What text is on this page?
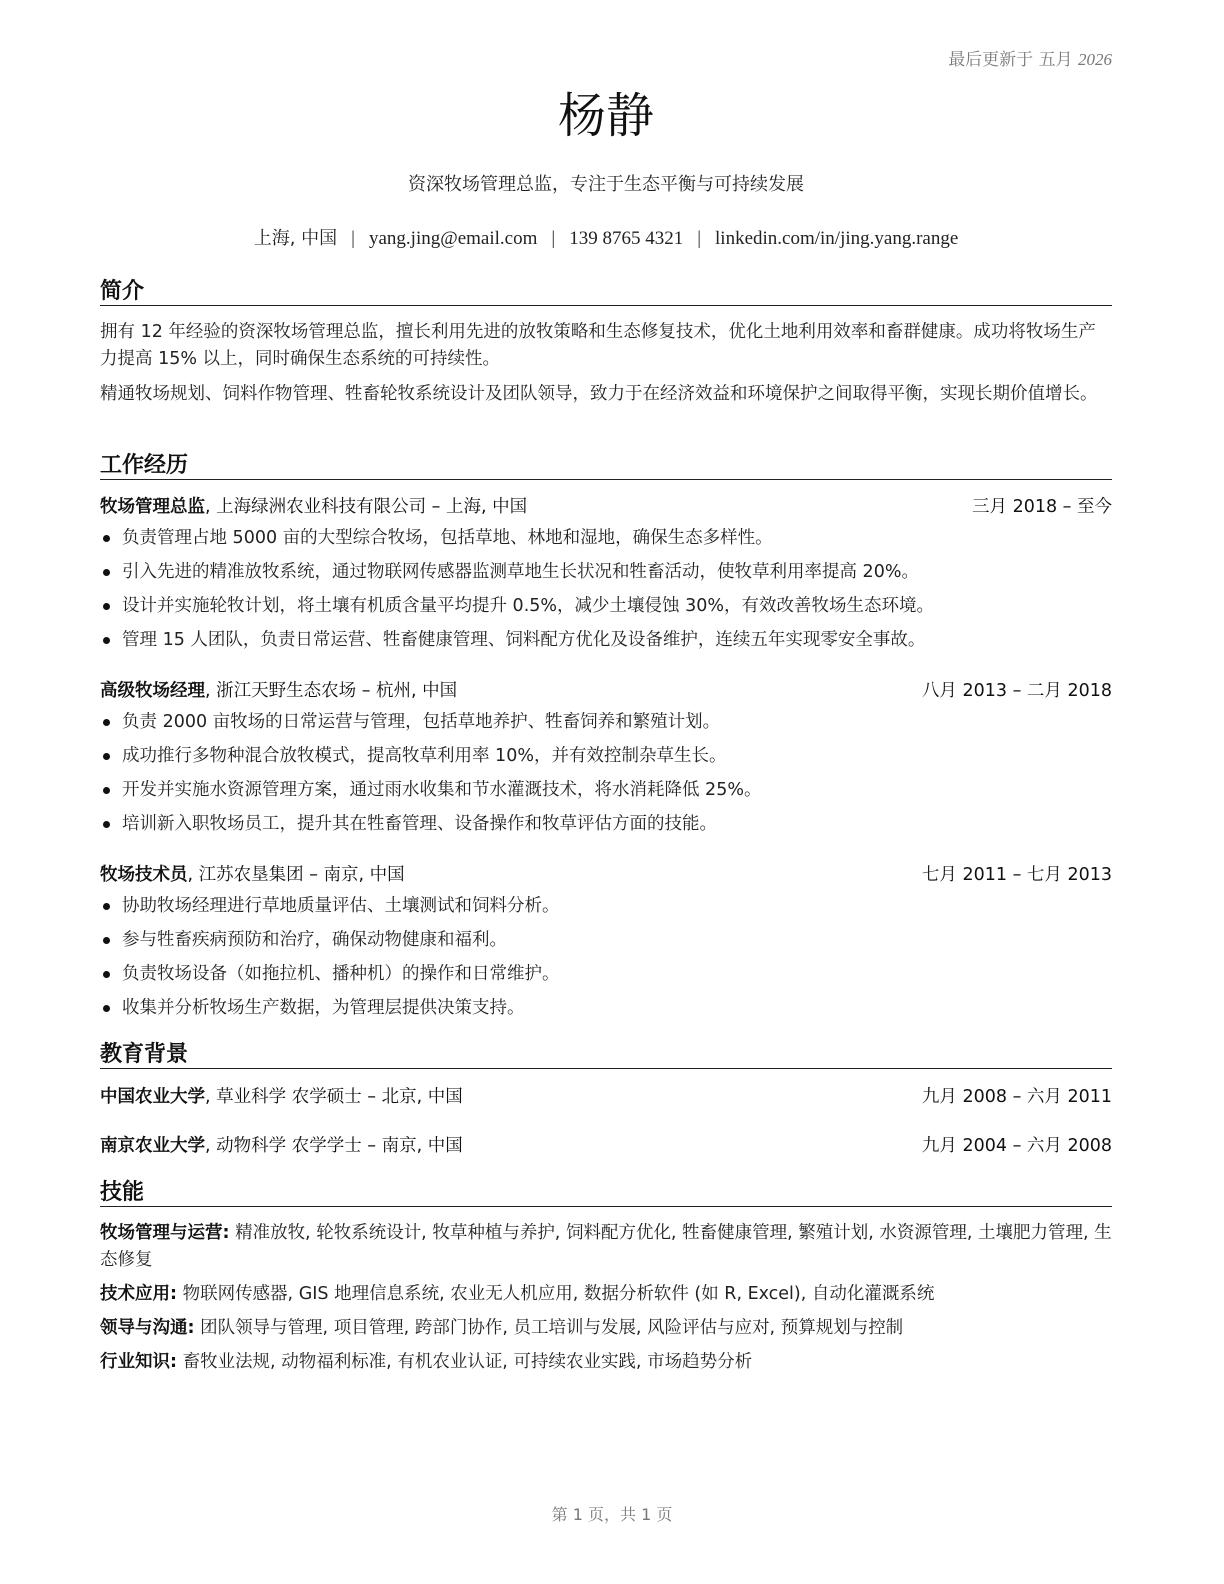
最后更新于 五月 2026
杨静
资深牧场管理总监，专注于生态平衡与可持续发展
上海, 中国 | yang.jing@email.com | 139 8765 4321 | linkedin.com/in/jing.yang.range
简介

拥有 12 年经验的资深牧场管理总监，擅长利用先进的放牧策略和生态修复技术，优化土地利用效率和畜群健康。成功将牧场生产力提高 15% 以上，同时确保生态系统的可持续性。

精通牧场规划、饲料作物管理、牲畜轮牧系统设计及团队领导，致力于在经济效益和环境保护之间取得平衡，实现长期价值增长。

工作经历
牧场管理总监, 上海绿洲农业科技有限公司 – 上海, 中国	三月 2018 – 至今
负责管理占地 5000 亩的大型综合牧场，包括草地、林地和湿地，确保生态多样性。
引入先进的精准放牧系统，通过物联网传感器监测草地生长状况和牲畜活动，使牧草利用率提高 20%。
设计并实施轮牧计划，将土壤有机质含量平均提升 0.5%，减少土壤侵蚀 30%，有效改善牧场生态环境。
管理 15 人团队，负责日常运营、牲畜健康管理、饲料配方优化及设备维护，连续五年实现零安全事故。
高级牧场经理, 浙江天野生态农场 – 杭州, 中国	八月 2013 – 二月 2018
负责 2000 亩牧场的日常运营与管理，包括草地养护、牲畜饲养和繁殖计划。
成功推行多物种混合放牧模式，提高牧草利用率 10%，并有效控制杂草生长。
开发并实施水资源管理方案，通过雨水收集和节水灌溉技术，将水消耗降低 25%。
培训新入职牧场员工，提升其在牲畜管理、设备操作和牧草评估方面的技能。
牧场技术员, 江苏农垦集团 – 南京, 中国	七月 2011 – 七月 2013
协助牧场经理进行草地质量评估、土壤测试和饲料分析。
参与牲畜疾病预防和治疗，确保动物健康和福利。
负责牧场设备（如拖拉机、播种机）的操作和日常维护。
收集并分析牧场生产数据，为管理层提供决策支持。
教育背景
中国农业大学, 草业科学 农学硕士 – 北京, 中国	九月 2008 – 六月 2011
南京农业大学, 动物科学 农学学士 – 南京, 中国	九月 2004 – 六月 2008
技能

牧场管理与运营: 精准放牧, 轮牧系统设计, 牧草种植与养护, 饲料配方优化, 牲畜健康管理, 繁殖计划, 水资源管理, 土壤肥力管理, 生态修复

技术应用: 物联网传感器, GIS 地理信息系统, 农业无人机应用, 数据分析软件 (如 R, Excel), 自动化灌溉系统

领导与沟通: 团队领导与管理, 项目管理, 跨部门协作, 员工培训与发展, 风险评估与应对, 预算规划与控制

行业知识: 畜牧业法规, 动物福利标准, 有机农业认证, 可持续农业实践, 市场趋势分析

第 1 页，共 1 页
